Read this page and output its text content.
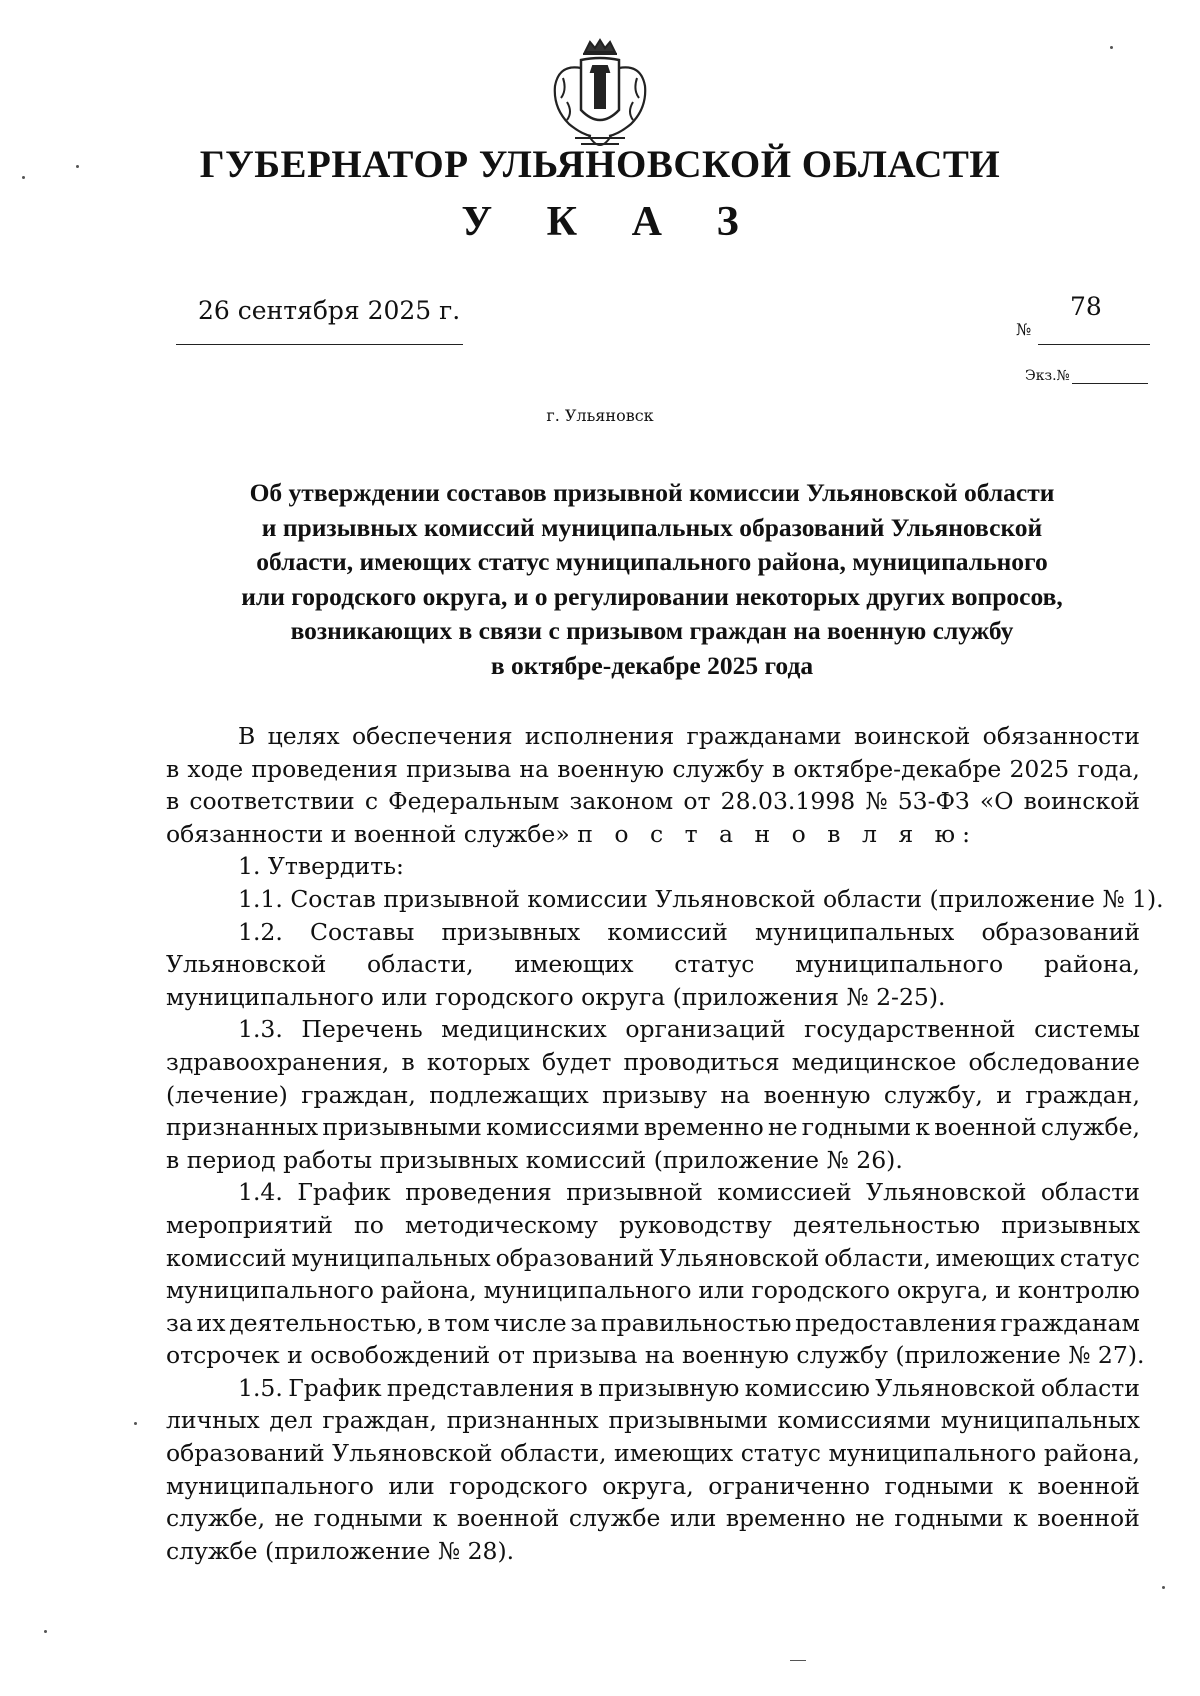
ГУБЕРНАТОР УЛЬЯНОВСКОЙ ОБЛАСТИ
У К А З
26 сентября 2025 г.
№
78
Экз.№
г. Ульяновск
Об утверждении составов призывной комиссии Ульяновской области
и призывных комиссий муниципальных образований Ульяновской
области, имеющих статус муниципального района, муниципального
или городского округа, и о регулировании некоторых других вопросов,
возникающих в связи с призывом граждан на военную службу
в октябре-декабре 2025 года
В целях обеспечения исполнения гражданами воинской обязанности
в ходе проведения призыва на военную службу в октябре-декабре 2025 года,
в соответствии с Федеральным законом от 28.03.1998 № 53-ФЗ «О воинской
обязанности и военной службе»
п о с т а н о в л я ю:
1. Утвердить:
1.1. Состав призывной комиссии Ульяновской области (приложение № 1).
1.2. Составы призывных комиссий муниципальных образований
Ульяновской области, имеющих статус муниципального района,
муниципального или городского округа (приложения № 2-25).
1.3. Перечень медицинских организаций государственной системы
здравоохранения, в которых будет проводиться медицинское обследование
(лечение) граждан, подлежащих призыву на военную службу, и граждан,
признанных призывными комиссиями временно не годными к военной службе,
в период работы призывных комиссий (приложение № 26).
1.4. График проведения призывной комиссией Ульяновской области
мероприятий по методическому руководству деятельностью призывных
комиссий муниципальных образований Ульяновской области, имеющих статус
муниципального района, муниципального или городского округа, и контролю
за их деятельностью, в том числе за правильностью предоставления гражданам
отсрочек и освобождений от призыва на военную службу (приложение № 27).
1.5. График представления в призывную комиссию Ульяновской области
личных дел граждан, признанных призывными комиссиями муниципальных
образований Ульяновской области, имеющих статус муниципального района,
муниципального или городского округа, ограниченно годными к военной
службе, не годными к военной службе или временно не годными к военной
службе (приложение № 28).
